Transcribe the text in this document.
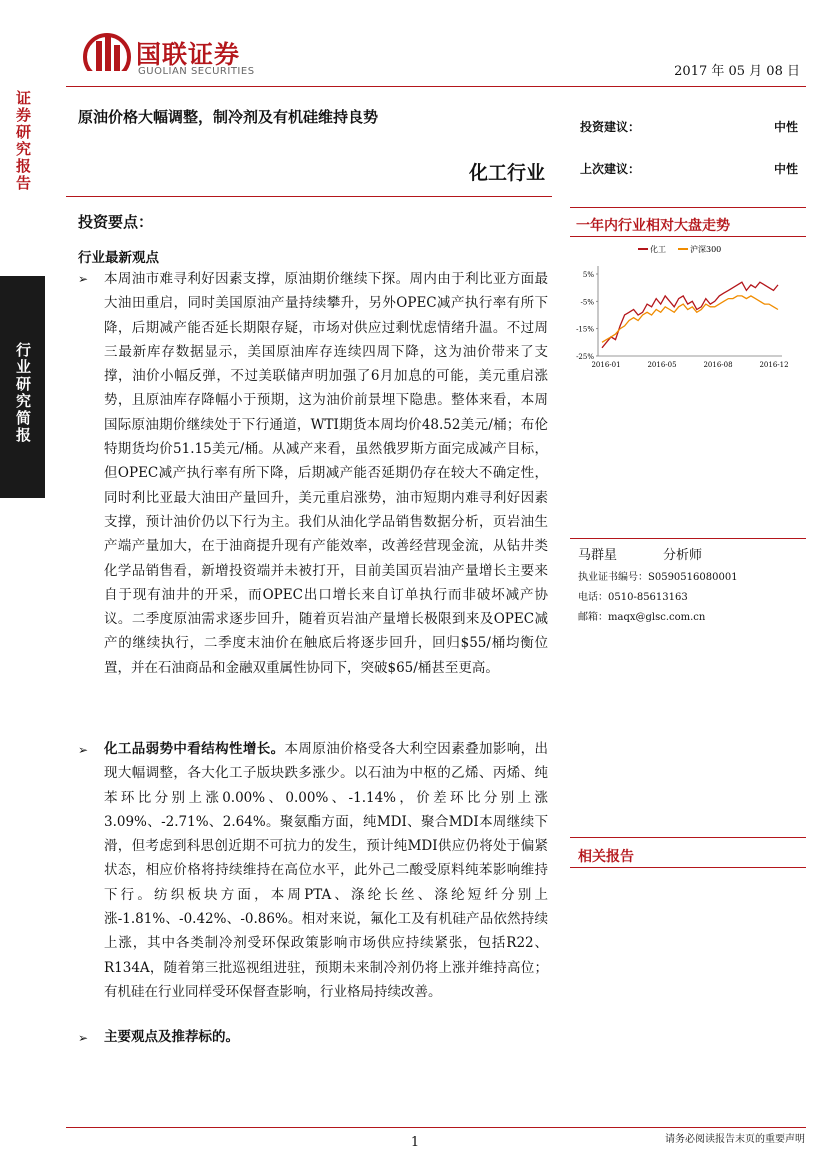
证券研究报告
行业研究简报
国联证券
GUOLIAN SECURITIES	2017 年 05 月 08 日
原油价格大幅调整，制冷剂及有机硅维持良势
化工行业
投资建议：	中性
上次建议：	中性
一年内行业相对大盘走势
化工	沪深300
5%
-5%
-15%
-25%
2016-01	2016-05	2016-08	2016-12
马群星	分析师
执业证书编号：S0590516080001
电话：0510-85613163
邮箱：maqx@glsc.com.cn
相关报告
投资要点：
行业最新观点
➢ 本周油市难寻利好因素支撑，原油期价继续下探。周内由于利比亚方面最大油田重启，同时美国原油产量持续攀升，另外OPEC减产执行率有所下降，后期减产能否延长期限存疑，市场对供应过剩忧虑情绪升温。不过周三最新库存数据显示，美国原油库存连续四周下降，这为油价带来了支撑，油价小幅反弹，不过美联储声明加强了6月加息的可能，美元重启涨势，且原油库存降幅小于预期，这为油价前景埋下隐患。整体来看，本周国际原油期价继续处于下行通道，WTI期货本周均价48.52美元/桶；布伦特期货均价51.15美元/桶。从减产来看，虽然俄罗斯方面完成减产目标，但OPEC减产执行率有所下降，后期减产能否延期仍存在较大不确定性，同时利比亚最大油田产量回升，美元重启涨势，油市短期内难寻利好因素支撑，预计油价仍以下行为主。我们从油化学品销售数据分析，页岩油生产端产量加大，在于油商提升现有产能效率，改善经营现金流，从钻井类化学品销售看，新增投资端并未被打开，目前美国页岩油产量增长主要来自于现有油井的开采，而OPEC出口增长来自订单执行而非破坏减产协议。二季度原油需求逐步回升，随着页岩油产量增长极限到来及OPEC减产的继续执行，二季度末油价在触底后将逐步回升，回归$55/桶均衡位置，并在石油商品和金融双重属性协同下，突破$65/桶甚至更高。
➢ 化工品弱势中看结构性增长。本周原油价格受各大利空因素叠加影响，出现大幅调整，各大化工子版块跌多涨少。以石油为中枢的乙烯、丙烯、纯苯环比分别上涨0.00%、0.00%、-1.14%，价差环比分别上涨3.09%、-2.71%、2.64%。聚氨酯方面，纯MDI、聚合MDI本周继续下滑，但考虑到科思创近期不可抗力的发生，预计纯MDI供应仍将处于偏紧状态，相应价格将持续维持在高位水平，此外己二酸受原料纯苯影响维持下行。纺织板块方面，本周PTA、涤纶长丝、涤纶短纤分别上涨-1.81%、-0.42%、-0.86%。相对来说，氟化工及有机硅产品依然持续上涨，其中各类制冷剂受环保政策影响市场供应持续紧张，包括R22、R134A，随着第三批巡视组进驻，预期未来制冷剂仍将上涨并维持高位；有机硅在行业同样受环保督查影响，行业格局持续改善。
➢ 主要观点及推荐标的。
1	请务必阅读报告末页的重要声明
